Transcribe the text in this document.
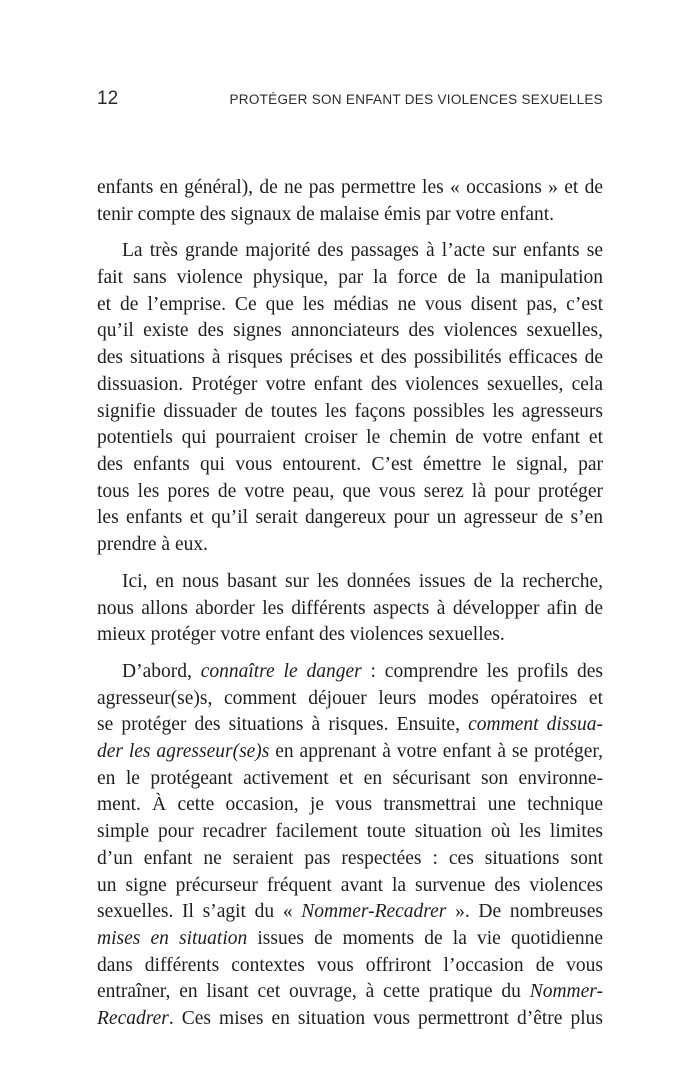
12	PROTÉGER SON ENFANT DES VIOLENCES SEXUELLES
enfants en général), de ne pas permettre les « occasions » et de
tenir compte des signaux de malaise émis par votre enfant.
La très grande majorité des passages à l’acte sur enfants se
fait sans violence physique, par la force de la manipulation
et de l’emprise. Ce que les médias ne vous disent pas, c’est
qu’il existe des signes annonciateurs des violences sexuelles,
des situations à risques précises et des possibilités efficaces de
dissuasion. Protéger votre enfant des violences sexuelles, cela
signifie dissuader de toutes les façons possibles les agresseurs
potentiels qui pourraient croiser le chemin de votre enfant et
des enfants qui vous entourent. C’est émettre le signal, par
tous les pores de votre peau, que vous serez là pour protéger
les enfants et qu’il serait dangereux pour un agresseur de s’en
prendre à eux.
Ici, en nous basant sur les données issues de la recherche,
nous allons aborder les différents aspects à développer afin de
mieux protéger votre enfant des violences sexuelles.
D’abord, connaître le danger : comprendre les profils des
agresseur(se)s, comment déjouer leurs modes opératoires et
se protéger des situations à risques. Ensuite, comment dissua-
der les agresseur(se)s en apprenant à votre enfant à se protéger,
en le protégeant activement et en sécurisant son environne-
ment. À cette occasion, je vous transmettrai une technique
simple pour recadrer facilement toute situation où les limites
d’un enfant ne seraient pas respectées : ces situations sont
un signe précurseur fréquent avant la survenue des violences
sexuelles. Il s’agit du « Nommer-Recadrer ». De nombreuses
mises en situation issues de moments de la vie quotidienne
dans différents contextes vous offriront l’occasion de vous
entraîner, en lisant cet ouvrage, à cette pratique du Nommer-
Recadrer. Ces mises en situation vous permettront d’être plus
